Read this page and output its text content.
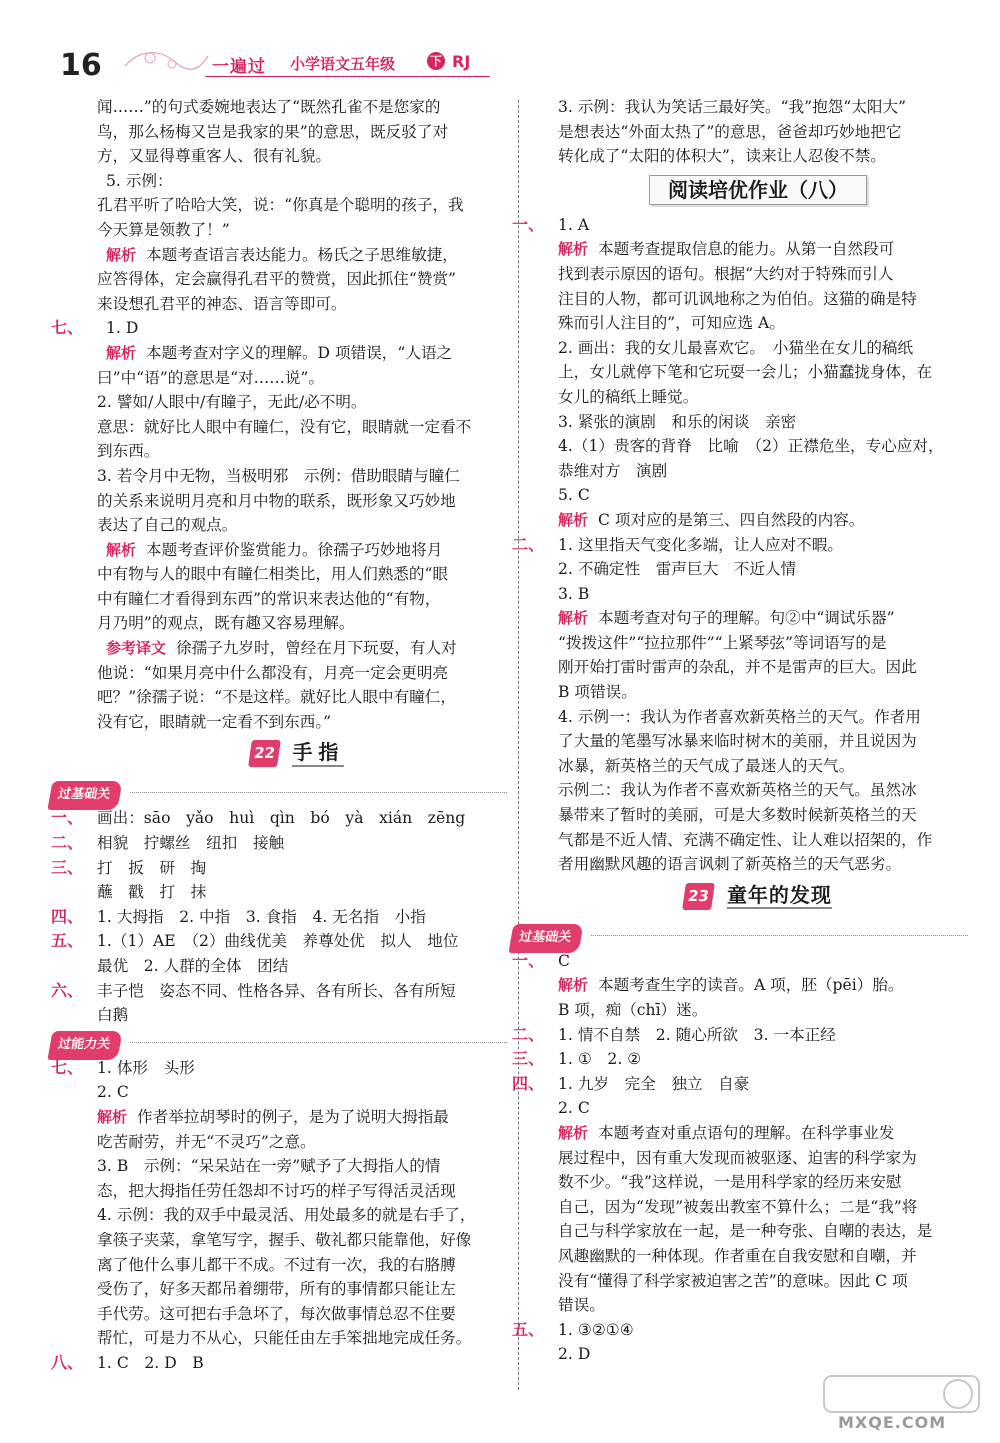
16	一遍过 小学语文五年级	下 RJ
闻……”的句式委婉地表达了“既然孔雀不是您家的
鸟，那么杨梅又岂是我家的果”的意思，既反驳了对
方，又显得尊重客人、很有礼貌。
5. 示例：
孔君平听了哈哈大笑，说：“你真是个聪明的孩子，我
今天算是领教了！”
解析 本题考查语言表达能力。杨氏之子思维敏捷，
应答得体，定会赢得孔君平的赞赏，因此抓住“赞赏”
来设想孔君平的神态、语言等即可。
七、 1. D
解析 本题考查对字义的理解。D 项错误，“人语之
曰”中“语”的意思是“对……说”。
2. 譬如/人眼中/有瞳子，无此/必不明。
意思：就好比人眼中有瞳仁，没有它，眼睛就一定看不
到东西。
3. 若令月中无物，当极明邪　示例：借助眼睛与瞳仁
的关系来说明月亮和月中物的联系，既形象又巧妙地
表达了自己的观点。
解析 本题考查评价鉴赏能力。徐孺子巧妙地将月
中有物与人的眼中有瞳仁相类比，用人们熟悉的“眼
中有瞳仁才看得到东西”的常识来表达他的“有物，
月乃明”的观点，既有趣又容易理解。
参考译文 徐孺子九岁时，曾经在月下玩耍，有人对
他说：“如果月亮中什么都没有，月亮一定会更明亮
吧？”徐孺子说：“不是这样。就好比人眼中有瞳仁，
没有它，眼睛就一定看不到东西。”
22 手指
过基础关
一、 画出：sāo　yǎo　huì　qìn　bó　yà　xián　zēng
二、 相貌　拧螺丝　纽扣　接触
三、 打　扳　研　掏
蘸　戳　打　抹
四、 1. 大拇指　2. 中指　3. 食指　4. 无名指　小指
五、 1.（1）AE　（2）曲线优美　养尊处优　拟人　地位
最优　2. 人群的全体　团结
六、 丰子恺　姿态不同、性格各异、各有所长、各有所短
白鹅
过能力关
七、 1. 体形　头形
2. C
解析 作者举拉胡琴时的例子，是为了说明大拇指最
吃苦耐劳，并无“不灵巧”之意。
3. B　示例：“呆呆站在一旁”赋予了大拇指人的情
态，把大拇指任劳任怨却不讨巧的样子写得活灵活现
4. 示例：我的双手中最灵活、用处最多的就是右手了，
拿筷子夹菜，拿笔写字，握手、敬礼都只能靠他，好像
离了他什么事儿都干不成。不过有一次，我的右胳膊
受伤了，好多天都吊着绷带，所有的事情都只能让左
手代劳。这可把右手急坏了，每次做事情总忍不住要
帮忙，可是力不从心，只能任由左手笨拙地完成任务。
八、 1. C　2. D　B
3. 示例：我认为笑话三最好笑。“我”抱怨“太阳大”
是想表达“外面太热了”的意思，爸爸却巧妙地把它
转化成了“太阳的体积大”，读来让人忍俊不禁。
阅读培优作业（八）
一、 1. A
解析 本题考查提取信息的能力。从第一自然段可
找到表示原因的语句。根据“大约对于特殊而引人
注目的人物，都可讥讽地称之为伯伯。这猫的确是特
殊而引人注目的”，可知应选 A。
2. 画出：我的女儿最喜欢它。　小猫坐在女儿的稿纸
上，女儿就停下笔和它玩耍一会儿；小猫蠢拢身体，在
女儿的稿纸上睡觉。
3. 紧张的演剧　和乐的闲谈　亲密
4.（1）贵客的背脊　比喻　（2）正襟危坐，专心应对，
恭维对方　演剧
5. C
解析 C 项对应的是第三、四自然段的内容。
二、 1. 这里指天气变化多端，让人应对不暇。
2. 不确定性　雷声巨大　不近人情
3. B
解析 本题考查对句子的理解。句②中“调试乐器”
“拨拨这件”“拉拉那件”“上紧琴弦”等词语写的是
刚开始打雷时雷声的杂乱，并不是雷声的巨大。因此
B 项错误。
4. 示例一：我认为作者喜欢新英格兰的天气。作者用
了大量的笔墨写冰暴来临时树木的美丽，并且说因为
冰暴，新英格兰的天气成了最迷人的天气。
示例二：我认为作者不喜欢新英格兰的天气。虽然冰
暴带来了暂时的美丽，可是大多数时候新英格兰的天
气都是不近人情、充满不确定性、让人难以招架的，作
者用幽默风趣的语言讽刺了新英格兰的天气恶劣。
23 童年的发现
过基础关
一、 C
解析 本题考查生字的读音。A 项，胚（pēi）胎。
B 项，痴（chī）迷。
二、 1. 情不自禁　2. 随心所欲　3. 一本正经
三、 1. ①　2. ②
四、 1. 九岁　完全　独立　自豪
2. C
解析 本题考查对重点语句的理解。在科学事业发
展过程中，因有重大发现而被驱逐、迫害的科学家为
数不少。“我”这样说，一是用科学家的经历来安慰
自己，因为“发现”被轰出教室不算什么；二是“我”将
自己与科学家放在一起，是一种夸张、自嘲的表达，是
风趣幽默的一种体现。作者重在自我安慰和自嘲，并
没有“懂得了科学家被迫害之苦”的意味。因此 C 项
错误。
五、 1. ③②①④
2. D
MXQE.COM
